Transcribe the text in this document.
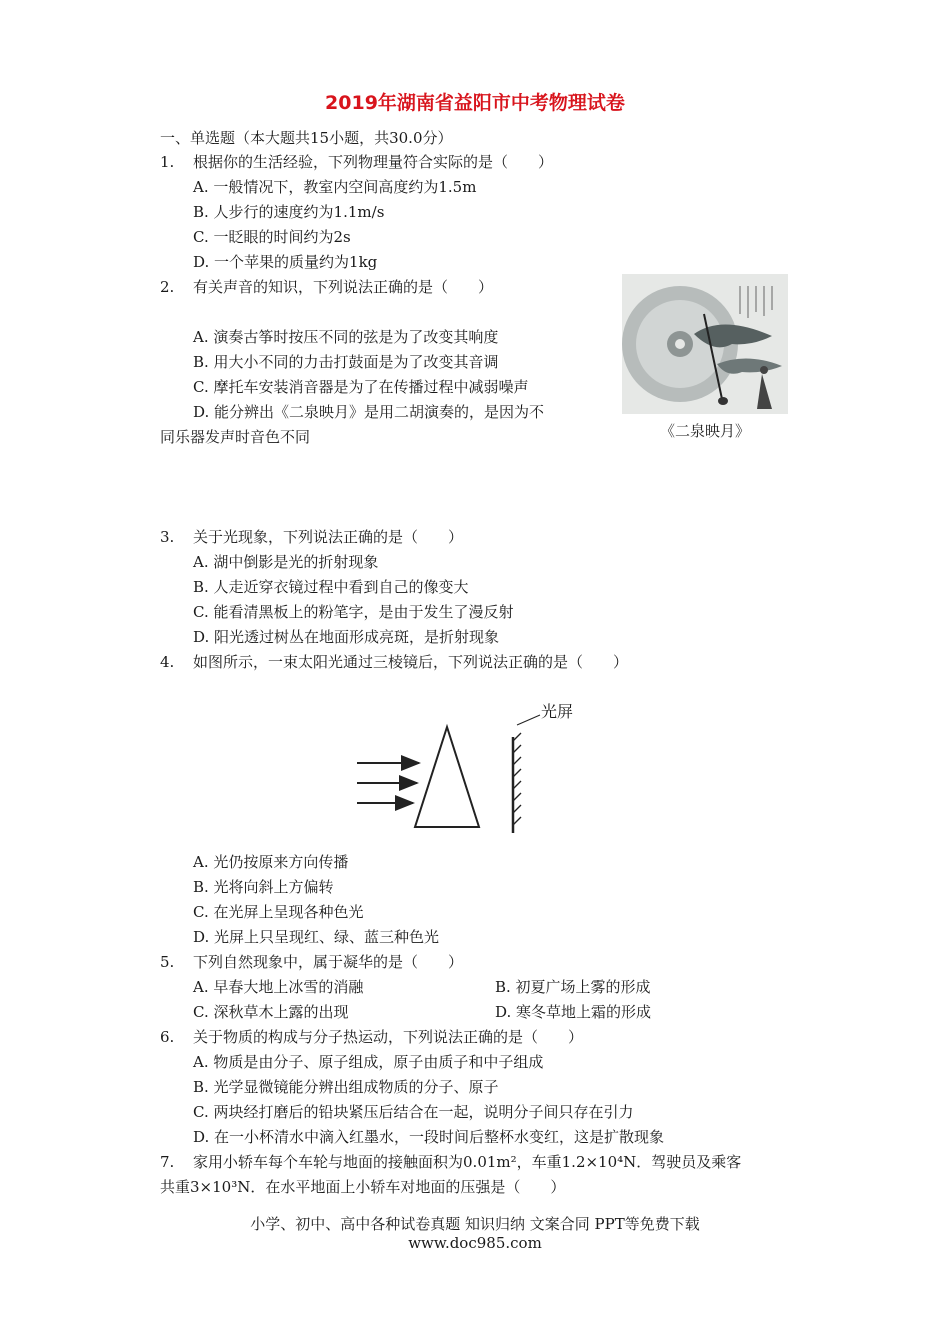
2019年湖南省益阳市中考物理试卷
一、单选题（本大题共15小题，共30.0分）
1. 根据你的生活经验，下列物理量符合实际的是（　　）
A. 一般情况下，教室内空间高度约为1.5m
B. 人步行的速度约为1.1m/s
C. 一眨眼的时间约为2s
D. 一个苹果的质量约为1kg
2. 有关声音的知识，下列说法正确的是（　　）
A. 演奏古筝时按压不同的弦是为了改变其响度
B. 用大小不同的力击打鼓面是为了改变其音调
C. 摩托车安装消音器是为了在传播过程中减弱噪声
D. 能分辨出《二泉映月》是用二胡演奏的，是因为不
同乐器发声时音色不同	《二泉映月》
3. 关于光现象，下列说法正确的是（　　）
A. 湖中倒影是光的折射现象
B. 人走近穿衣镜过程中看到自己的像变大
C. 能看清黑板上的粉笔字，是由于发生了漫反射
D. 阳光透过树丛在地面形成亮斑，是折射现象
4. 如图所示，一束太阳光通过三棱镜后，下列说法正确的是（　　）
光屏
A. 光仍按原来方向传播
B. 光将向斜上方偏转
C. 在光屏上呈现各种色光
D. 光屏上只呈现红、绿、蓝三种色光
5. 下列自然现象中，属于凝华的是（　　）
A. 早春大地上冰雪的消融	B. 初夏广场上雾的形成
C. 深秋草木上露的出现	D. 寒冬草地上霜的形成
6. 关于物质的构成与分子热运动，下列说法正确的是（　　）
A. 物质是由分子、原子组成，原子由质子和中子组成
B. 光学显微镜能分辨出组成物质的分子、原子
C. 两块经打磨后的铅块紧压后结合在一起，说明分子间只存在引力
D. 在一小杯清水中滴入红墨水，一段时间后整杯水变红，这是扩散现象
7. 家用小轿车每个车轮与地面的接触面积为0.01m²，车重1.2×10⁴N．驾驶员及乘客
共重3×10³N．在水平地面上小轿车对地面的压强是（　　）
小学、初中、高中各种试卷真题 知识归纳 文案合同 PPT等免费下载
www.doc985.com
